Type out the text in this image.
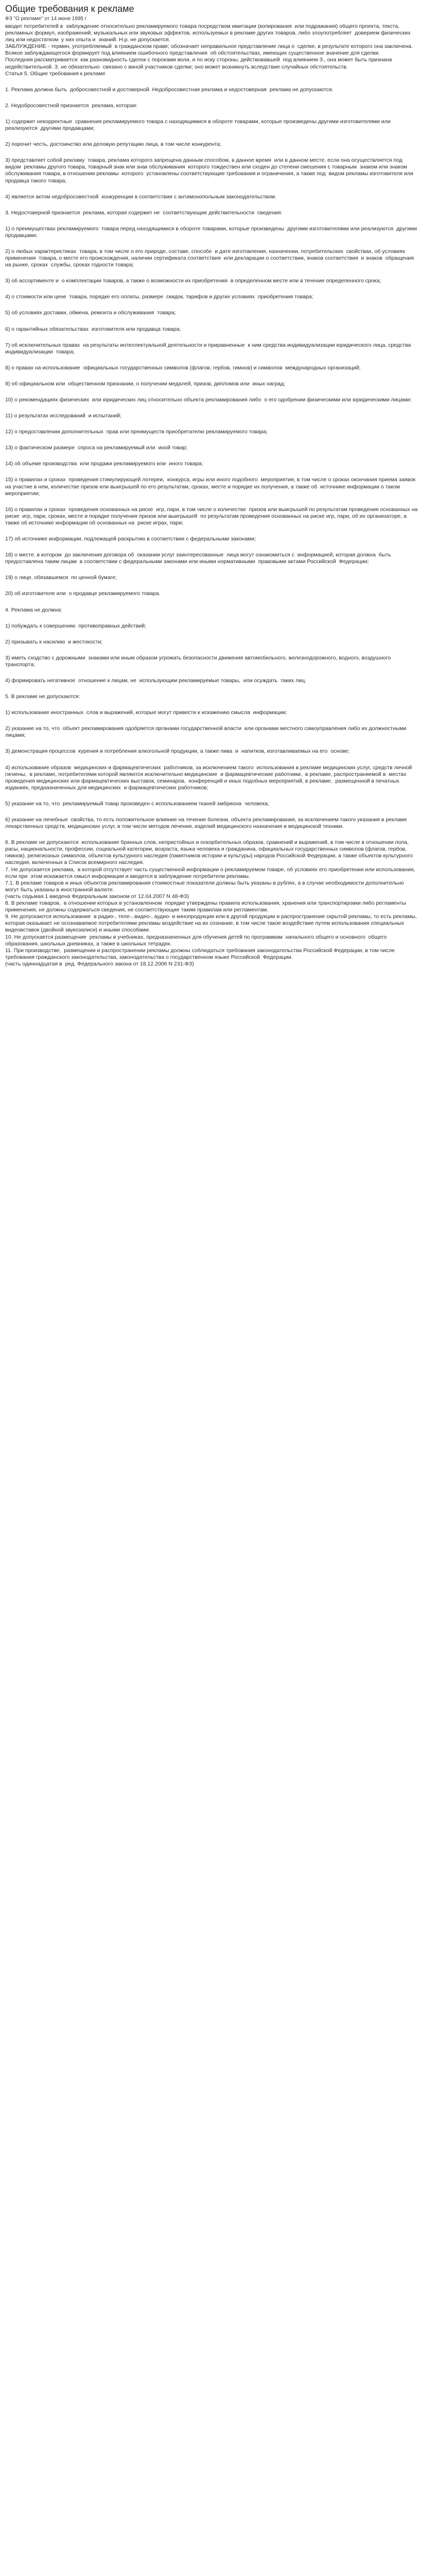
Общие требования к рекламе
ФЗ "О рекламе" от 14 июня 1995 г

вводит потребителей в  заблуждение относительно рекламируемого товара посредством имитации (копирования  или подражания) общего проекта, текста, рекламных формул, изображений, музыкальных или звуковых эффектов, используемых в рекламе других товаров, либо злоупотребляет  доверием физических лиц или недостатком  у них опыта и  знаний. Н.р. не допускается.

ЗАБЛУЖДЕНИЕ - термин, употребляемый  в гражданском праве; обозначает неправильное представление лица о  сделке, в результате которого она заключена. Всякое заблуждающегося формирует под влиянием ошибочного представления  об обстоятельствах, имеющих существенное значение для сделки.

Последняя рассматривается  как разновидность сделок с пороками воли, и по иску стороны, действовавшей  под влиянием З., она может быть признана недействительной. З. не обязательно  связано с виной участников сделки; оно может возникнуть вследствие случайных обстоятельств.

Статья 5. Общие требования к рекламе

1. Реклама должна быть  добросовестной и достоверной. Недобросовестная реклама и недостоверная  реклама не допускаются.

2. Недобросовестной признается  реклама, которая:

1) содержит некорректные  сравнения рекламируемого товара с находящимися в обороте товарами, которые произведены другими изготовителями или реализуются  другими продавцами;

2) порочит честь, достоинство или деловую репутацию лица, в том числе конкурента;

3) представляет собой рекламу  товара, реклама которого запрещена данным способом, в данное время  или в данном месте, если она осуществляется под видом  рекламы другого товара, товарный знак или знак обслуживания  которого тождествен или сходен до степени смешения с товарным  знаком или знаком обслуживания товара, в отношении рекламы  которого  установлены соответствующие требования и ограничения, а также под  видом рекламы изготовителя или продавца такого товара;

4) является актом недобросовестной  конкуренции в соответствии с антимонопольным законодательством.

3. Недостоверной признается  реклама, которая содержит не  соответствующие действительности  сведения:

1) о преимуществах рекламируемого  товара перед находящимися в обороте товарами, которые произведены  другими изготовителями или реализуются  другими продавцами;

2) о любых характеристиках  товара, в том числе о его природе, составе, способе  и дате изготовления, назначении, потребительских  свойствах, об условиях применения  товара, о месте его происхождения, наличии сертификата соответствия  или декларации о соответствии, знаков соответствия  и знаков  обращения на рынке, сроках  службы, сроках годности товара;

3) об ассортименте и  о комплектации товаров, а также о возможности их приобретения  в определенном месте или в течение определенного срока;

4) о стоимости или цене  товара, порядке его оплаты, размере  скидок, тарифов и других условиях  приобретения товара;

5) об условиях доставки, обмена, ремонта и обслуживания  товара;

6) о гарантийных обязательствах  изготовителя или продавца товара;

7) об исключительных правах  на результаты интеллектуальной деятельности и приравненные  к ним средства индивидуализации юридического лица, средства индивидуализации  товара;

8) о правах на использование  официальных государственных символов (флагов, гербов, гимнов) и символов  международных организаций;

9) об официальном или  общественном признании, о получении медалей, призов, дипломов или  иных наград;

10) о рекомендациях физических  или юридических лиц относительно объекта рекламирования либо  о его одобрении физическими или юридическими лицами;

11) о результатах исследований  и испытаний;

12) о предоставлении дополнительных  прав или преимуществ приобретателю рекламируемого товара;

13) о фактическом размере  спроса на рекламируемый или  иной товар;

14) об объеме производства  или продажи рекламируемого или  иного товара;

15) о правилах и сроках  проведения стимулирующей лотереи,  конкурса, игры или иного подобного  мероприятия, в том числе о сроках окончания приема заявок  на участие в нем, количестве призов или выигрышей по его результатам, сроках, месте и порядке их получения, а также об  источнике информации о таком  мероприятии;

16) о правилах и сроках  проведения основанных на риске  игр, пари, в том числе о количестве  призов или выигрышей по результатам проведения основанных на риске  игр, пари, сроках, месте и порядке получения призов или выигрышей  по результатам проведения основанных на риске игр, пари, об их организаторе, а также об источнике информации об основанных на  риске играх, пари;

17) об источнике информации, подлежащей раскрытию в соответствии с федеральными законами;

18) о месте, в котором  до заключения договора об  оказании услуг заинтересованные  лица могут ознакомиться с  информацией, которая должна  быть  предоставлена таким лицам  в соответствии с федеральными законами или иными нормативными  правовыми актами Российской  Федерации;

19) о лице, обязавшемся  по ценной бумаге;

20) об изготовителе или  о продавце рекламируемого товара.

4. Реклама не должна:

1) побуждать к совершению  противоправных действий;

2) призывать к насилию  и жестокости;

3) иметь сходство с дорожными  знаками или иным образом угрожать безопасности движения автомобильного, железнодорожного, водного, воздушного  транспорта;

4) формировать негативное  отношение к лицам, не  использующим рекламируемые товары,  или осуждать  таких лиц.

5. В рекламе не допускаются:

1) использование иностранных  слов и выражений, которые могут привести к искажению смысла  информации;

2) указание на то, что  объект рекламирования одобряется органами государственной власти  или органами местного самоуправления либо их должностными лицами;

3) демонстрация процессов  курения и потребления алкогольной продукции, а также пива  и  напитков, изготавливаемых на его  основе;

4) использование образов  медицинских и фармацевтических  работников, за исключением такого  использования в рекламе медицинских услуг, средств личной гигиены,  в рекламе, потребителями которой являются исключительно медицинские  и фармацевтические работники,  в рекламе, распространяемой в  местах проведения медицинских или фармацевтических выставок, семинаров,  конференций и иных подобных мероприятий, в рекламе,  размещенной в печатных изданиях, предназначенных для медицинских  и фармацевтических работников;

5) указание на то, что  рекламируемый товар произведен с использованием тканей эмбриона  человека;

6) указание на лечебные  свойства, то есть положительное влияние на течение болезни, объекта рекламирования, за исключением такого указания в рекламе  лекарственных средств, медицинских услуг, в том числе методов лечения, изделий медицинского назначения и медицинской техники.

6. В рекламе не допускаются  использование бранных слов, непристойных и оскорбительных образов, сравнений и выражений, в том числе в отношении пола, расы, национальности, профессии, социальной категории, возраста, языка человека и гражданина, официальных государственных символов (флагов, гербов, гимнов), религиозных символов, объектов культурного наследия (памятников истории и культуры) народов Российской Федерации, а также объектов культурного наследия, включенных в Список всемирного наследия.

7. Не допускается реклама,  в которой отсутствует часть существенной информации о рекламируемом товаре, об условиях его приобретения или использования, если при  этом искажается смысл информации и вводятся в заблуждение потребители рекламы.

7.1. В рекламе товаров и иных объектов рекламирования стоимостные показатели должны быть указаны в рублях, а в случае необходимости дополнительно могут быть указаны в иностранной валюте.

(часть седьмая.1 введена Федеральным законом от 12.04.2007 N 48-ФЗ)

8. В рекламе товаров,  в отношении которых в установленном  порядке утверждены правила использования, хранения или транспортировки либо регламенты применения, не должны содержаться сведения, не соответствующие таким правилам или регламентам.

9. Не допускаются использование  в радио-, теле-, видео-, аудио- и кинопродукции или в другой продукции и распространение скрытой рекламы, то есть рекламы, которая оказывает не осознаваемое потребителями рекламы воздействие на их сознание, в том числе такое воздействие путем использования специальных видеовставок (двойной звукозаписи) и иными способами.

10. Не допускается размещение  рекламы в учебниках, предназначенных для обучения детей по программам  начального общего и основного  общего образования, школьных дневниках, а также в школьных тетрадях.

11. При производстве,  размещении и распространении рекламы должны соблюдаться требования законодательства Российской Федерации, в том числе требования гражданского законодательства, законодательства о государственном языке Российской  Федерации.

(часть одиннадцатая в  ред. Федерального закона от 18.12.2006 N 231-ФЗ)
